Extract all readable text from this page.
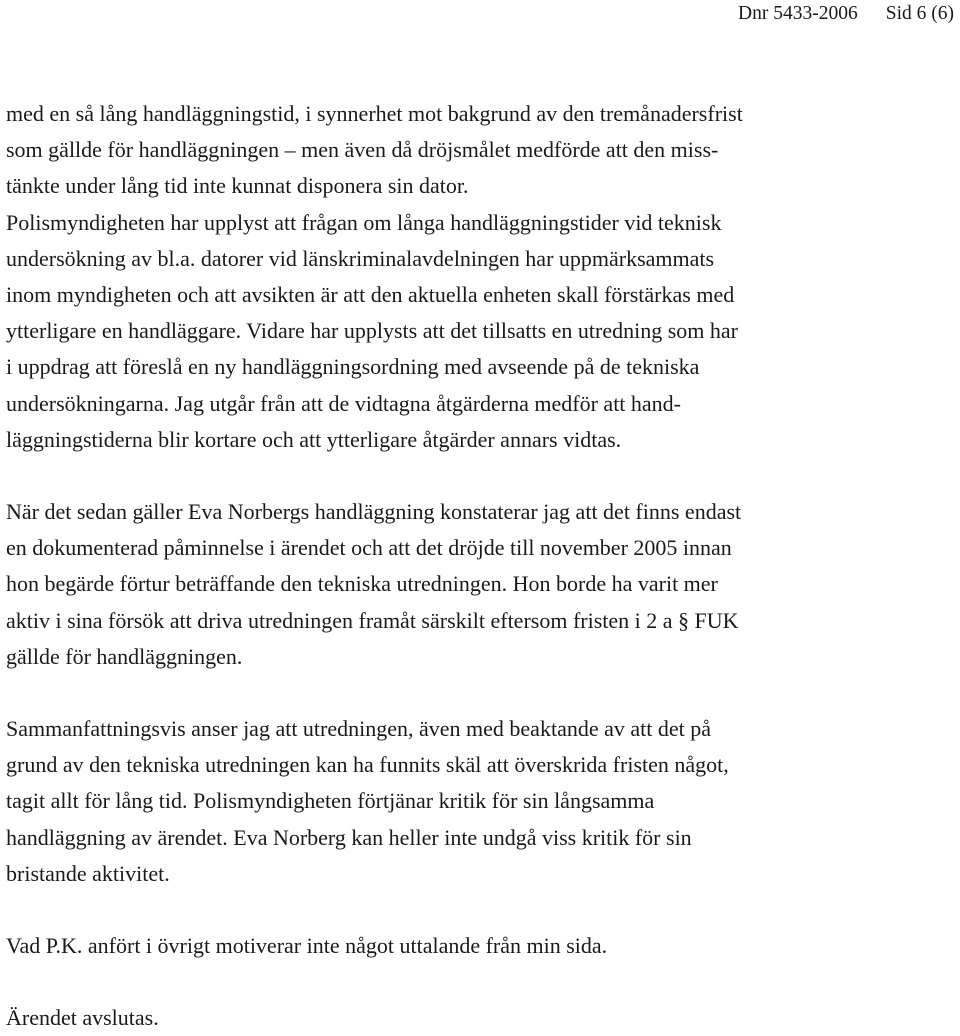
Dnr 5433-2006 Sid 6 (6)

med en så lång handläggningstid, i synnerhet mot bakgrund av den tremånadersfrist
som gällde för handläggningen – men även då dröjsmålet medförde att den miss-
tänkte under lång tid inte kunnat disponera sin dator.

Polismyndigheten har upplyst att frågan om långa handläggningstider vid teknisk
undersökning av bl.a. datorer vid länskriminalavdelningen har uppmärksammats
inom myndigheten och att avsikten är att den aktuella enheten skall förstärkas med
ytterligare en handläggare. Vidare har upplysts att det tillsatts en utredning som har
i uppdrag att föreslå en ny handläggningsordning med avseende på de tekniska
undersökningarna. Jag utgår från att de vidtagna åtgärderna medför att hand-
läggningstiderna blir kortare och att ytterligare åtgärder annars vidtas.

När det sedan gäller Eva Norbergs handläggning konstaterar jag att det finns endast
en dokumenterad påminnelse i ärendet och att det dröjde till november 2005 innan
hon begärde förtur beträffande den tekniska utredningen. Hon borde ha varit mer
aktiv i sina försök att driva utredningen framåt särskilt eftersom fristen i 2 a § FUK
gällde för handläggningen.

Sammanfattningsvis anser jag att utredningen, även med beaktande av att det på
grund av den tekniska utredningen kan ha funnits skäl att överskrida fristen något,
tagit allt för lång tid. Polismyndigheten förtjänar kritik för sin långsamma
handläggning av ärendet. Eva Norberg kan heller inte undgå viss kritik för sin
bristande aktivitet.

Vad P.K. anfört i övrigt motiverar inte något uttalande från min sida.

Ärendet avslutas.
